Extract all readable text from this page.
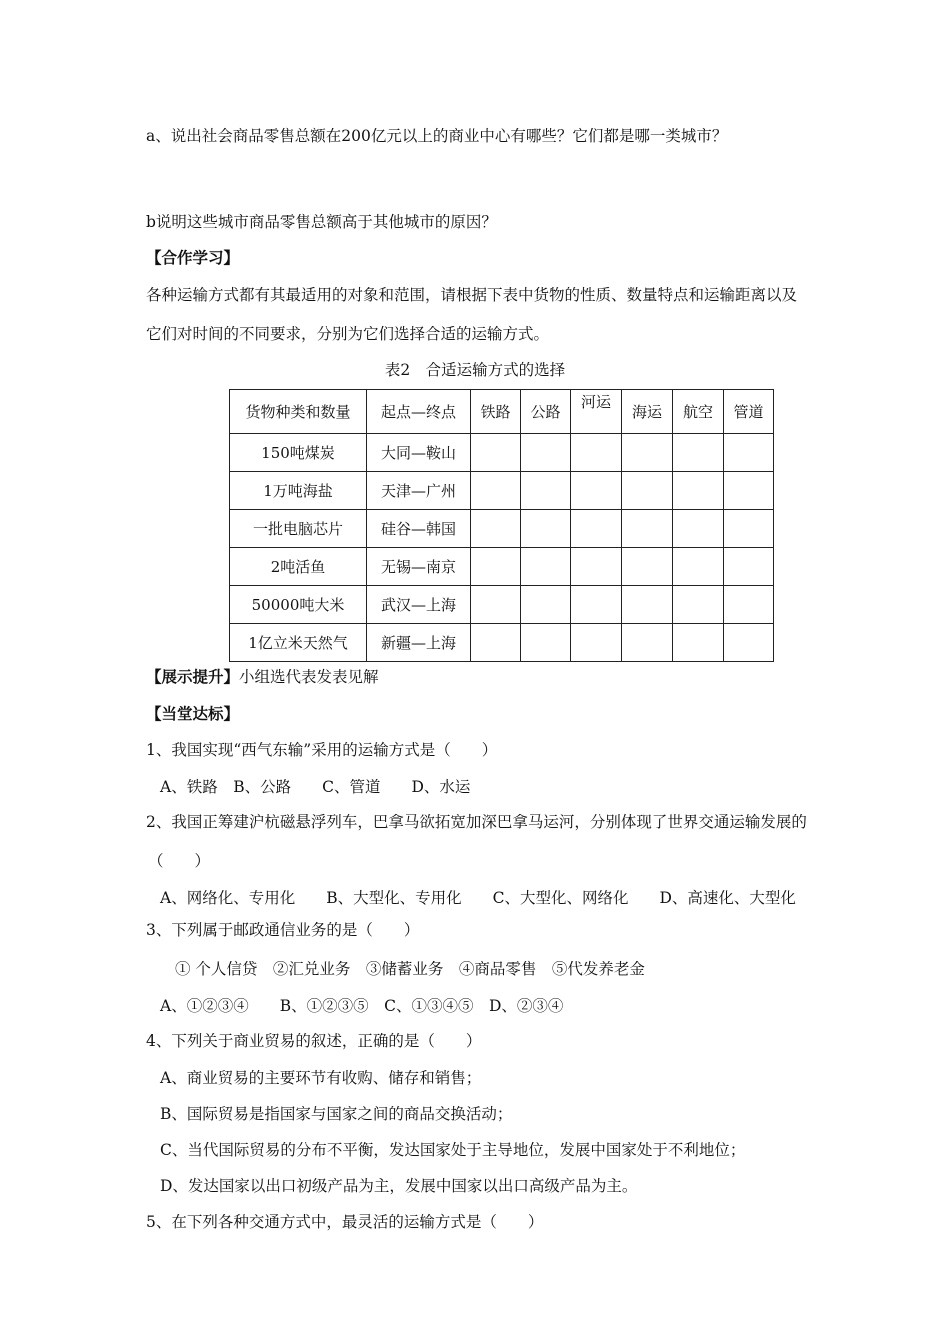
a、说出社会商品零售总额在200亿元以上的商业中心有哪些？它们都是哪一类城市？
b说明这些城市商品零售总额高于其他城市的原因？
【合作学习】
各种运输方式都有其最适用的对象和范围，请根据下表中货物的性质、数量特点和运输距离以及
它们对时间的不同要求，分别为它们选择合适的运输方式。
表2　合适运输方式的选择
货物种类和数量	起点—终点	铁路	公路	河运	海运	航空	管道
150吨煤炭	大同—鞍山						
1万吨海盐	天津—广州						
一批电脑芯片	硅谷—韩国						
2吨活鱼	无锡—南京						
50000吨大米	武汉—上海						
1亿立米天然气	新疆—上海						
【展示提升】小组选代表发表见解
【当堂达标】
1、我国实现“西气东输”采用的运输方式是（　　）
A、铁路　B、公路　　C、管道　　D、水运
2、我国正筹建沪杭磁悬浮列车，巴拿马欲拓宽加深巴拿马运河，分别体现了世界交通运输发展的
（　　）
A、网络化、专用化　　B、大型化、专用化　　C、大型化、网络化　　D、高速化、大型化
3、下列属于邮政通信业务的是（　　）
① 个人信贷　②汇兑业务　③储蓄业务　④商品零售　⑤代发养老金
A、①②③④　　B、①②③⑤　C、①③④⑤　D、②③④
4、下列关于商业贸易的叙述，正确的是（　　）
A、商业贸易的主要环节有收购、储存和销售；
B、国际贸易是指国家与国家之间的商品交换活动；
C、当代国际贸易的分布不平衡，发达国家处于主导地位，发展中国家处于不利地位；
D、发达国家以出口初级产品为主，发展中国家以出口高级产品为主。
5、在下列各种交通方式中，最灵活的运输方式是（　　）
